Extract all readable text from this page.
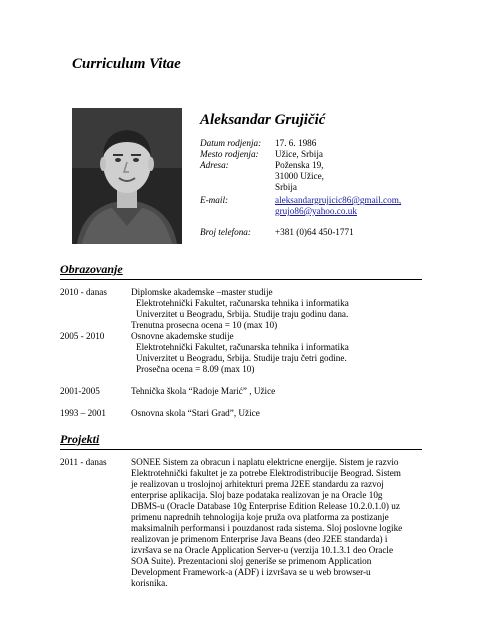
Curriculum Vitae
Aleksandar Grujičić
Datum rodjenja: 17. 6. 1986
Mesto rodjenja: Užice, Srbija
Adresa:	Poženska 19,
31000 Užice,
Srbija
E-mail:	aleksandargrujicic86@gmail.com,
grujo86@yahoo.co.uk
Broj telefona:	+381 (0)64 450-1771
Obrazovanje
2010 - danas	Diplomske akademske –master studije
Elektrotehnički Fakultet, računarska tehnika i informatika
Univerzitet u Beogradu, Srbija. Studije traju godinu dana.
Trenutna prosecna ocena = 10 (max 10)
2005 - 2010	Osnovne akademske studije
Elektrotehnički Fakultet, računarska tehnika i informatika
Univerzitet u Beogradu, Srbija. Studije traju četri godine.
Prosečna ocena = 8.09 (max 10)
2001-2005	Tehnička škola “Radoje Marić” , Užice
1993 – 2001	Osnovna skola “Stari Grad”, Užice
Projekti
2011 - danas	SONEE Sistem za obracun i naplatu elektricne energije. Sistem je razvio
Elektrotehnički fakultet je za potrebe Elektrodistribucije Beograd. Sistem
je realizovan u troslojnoj arhitekturi prema J2EE standardu za razvoj
enterprise aplikacija. Sloj baze podataka realizovan je na Oracle 10g
DBMS-u (Oracle Database 10g Enterprise Edition Release 10.2.0.1.0) uz
primenu naprednih tehnologija koje pruža ova platforma za postizanje
maksimalnih performansi i pouzdanost rada sistema. Sloj poslovne logike
realizovan je primenom Enterprise Java Beans (deo J2EE standarda) i
izvršava se na Oracle Application Server-u (verzija 10.1.3.1 deo Oracle
SOA Suite). Prezentacioni sloj generiše se primenom Application
Development Framework-a (ADF) i izvršava se u web browser-u
korisnika.
